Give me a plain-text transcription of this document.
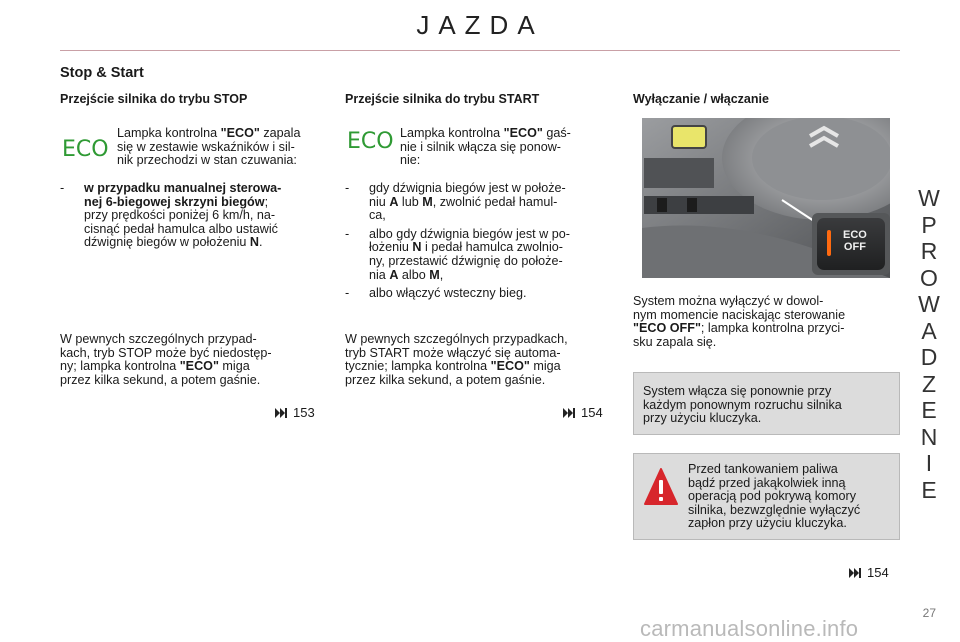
JAZDA
W
P
R
O
W
A
D
Z
E
N
I
E
Stop & Start
Przejście silnika do trybu STOP
ECO
Lampka kontrolna "ECO" zapala
się w zestawie wskaźników i sil-
nik przechodzi w stan czuwania:
- w przypadku manualnej sterowa-
nej 6-biegowej skrzyni biegów;
przy prędkości poniżej 6 km/h, na-
cisnąć pedał hamulca albo ustawić
dźwignię biegów w położeniu N.
W pewnych szczególnych przypad-
kach, tryb STOP może być niedostęp-
ny; lampka kontrolna "ECO" miga
przez kilka sekund, a potem gaśnie.
153
Przejście silnika do trybu START
ECO Lampka kontrolna "ECO" gaś-
nie i silnik włącza się ponow-
nie:
- gdy dźwignia biegów jest w położe-
niu A lub M, zwolnić pedał hamul-
ca,
- albo gdy dźwignia biegów jest w po-
łożeniu N i pedał hamulca zwolnio-
ny, przestawić dźwignię do położe-
nia A albo M,
- albo włączyć wsteczny bieg.
W pewnych szczególnych przypadkach,
tryb START może włączyć się automa-
tycznie; lampka kontrolna "ECO" miga
przez kilka sekund, a potem gaśnie.
154
Wyłączanie / włączanie
ECO
OFF
System można wyłączyć w dowol-
nym momencie naciskając sterowanie
"ECO OFF"; lampka kontrolna przyci-
sku zapala się.
System włącza się ponownie przy
każdym ponownym rozruchu silnika
przy użyciu kluczyka.
Przed tankowaniem paliwa
bądź przed jakąkolwiek inną
operacją pod pokrywą komory
silnika, bezwzględnie wyłączyć
zapłon przy użyciu kluczyka.
154
27
carmanualsonline.info
